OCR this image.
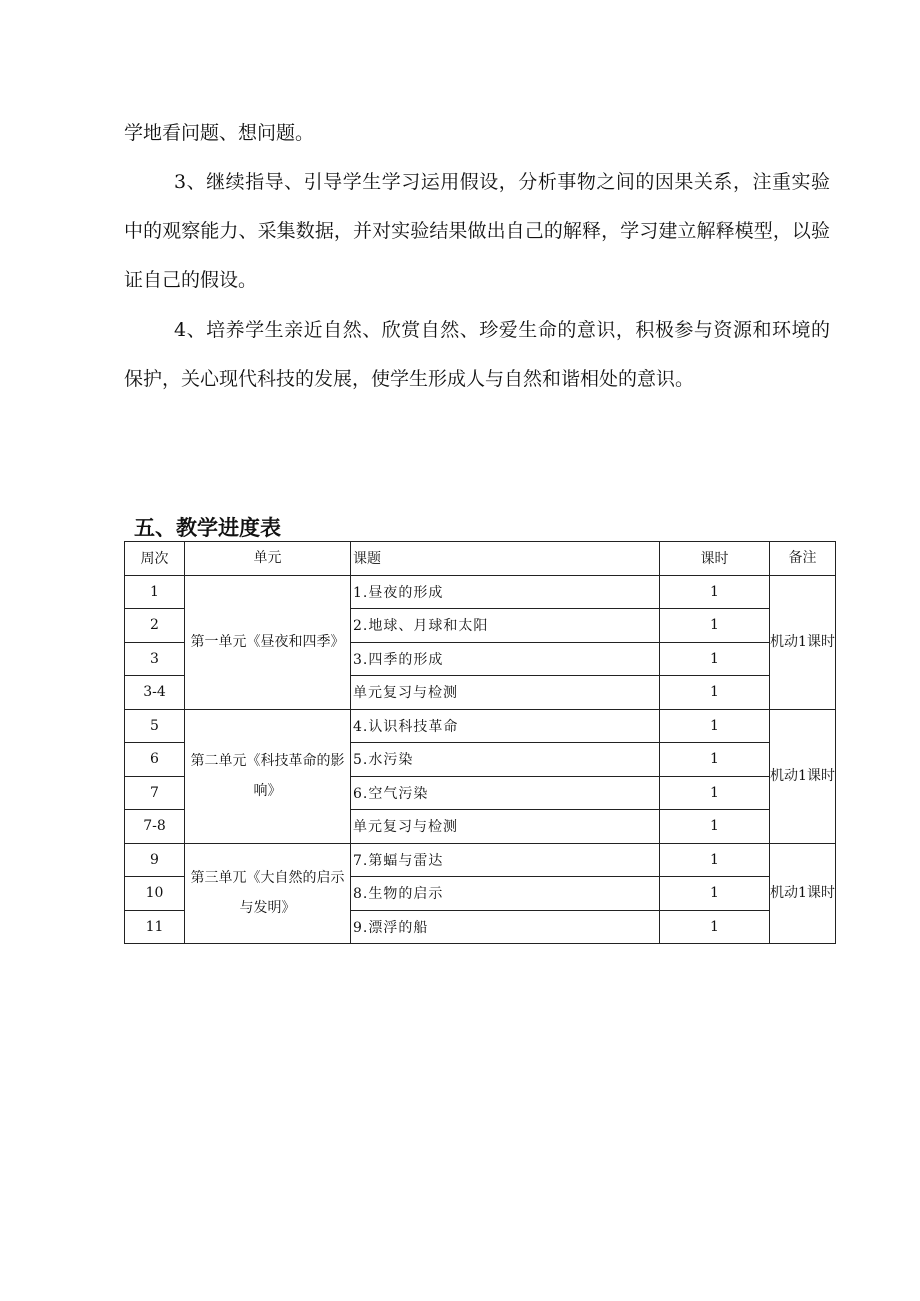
学地看问题、想问题。

3、继续指导、引导学生学习运用假设，分析事物之间的因果关系，注重实验中的观察能力、采集数据，并对实验结果做出自己的解释，学习建立解释模型，以验证自己的假设。

4、培养学生亲近自然、欣赏自然、珍爱生命的意识，积极参与资源和环境的保护，关心现代科技的发展，使学生形成人与自然和谐相处的意识。

五、教学进度表
周次	单元	课题	课时	备注
1	第一单元《昼夜和四季》	1.昼夜的形成	1	机动1课时
2		2.地球、月球和太阳	1	
3		3.四季的形成	1	
3-4		单元复习与检测	1	
5	第二单元《科技革命的影响》	4.认识科技革命	1	机动1课时
6		5.水污染	1	
7		6.空气污染	1	
7-8		单元复习与检测	1	
9	第三单兀《大自然的启示与发明》	7.第蝠与雷达	1	机动1课时
10		8.生物的启示	1	
11		9.漂浮的船	1	
